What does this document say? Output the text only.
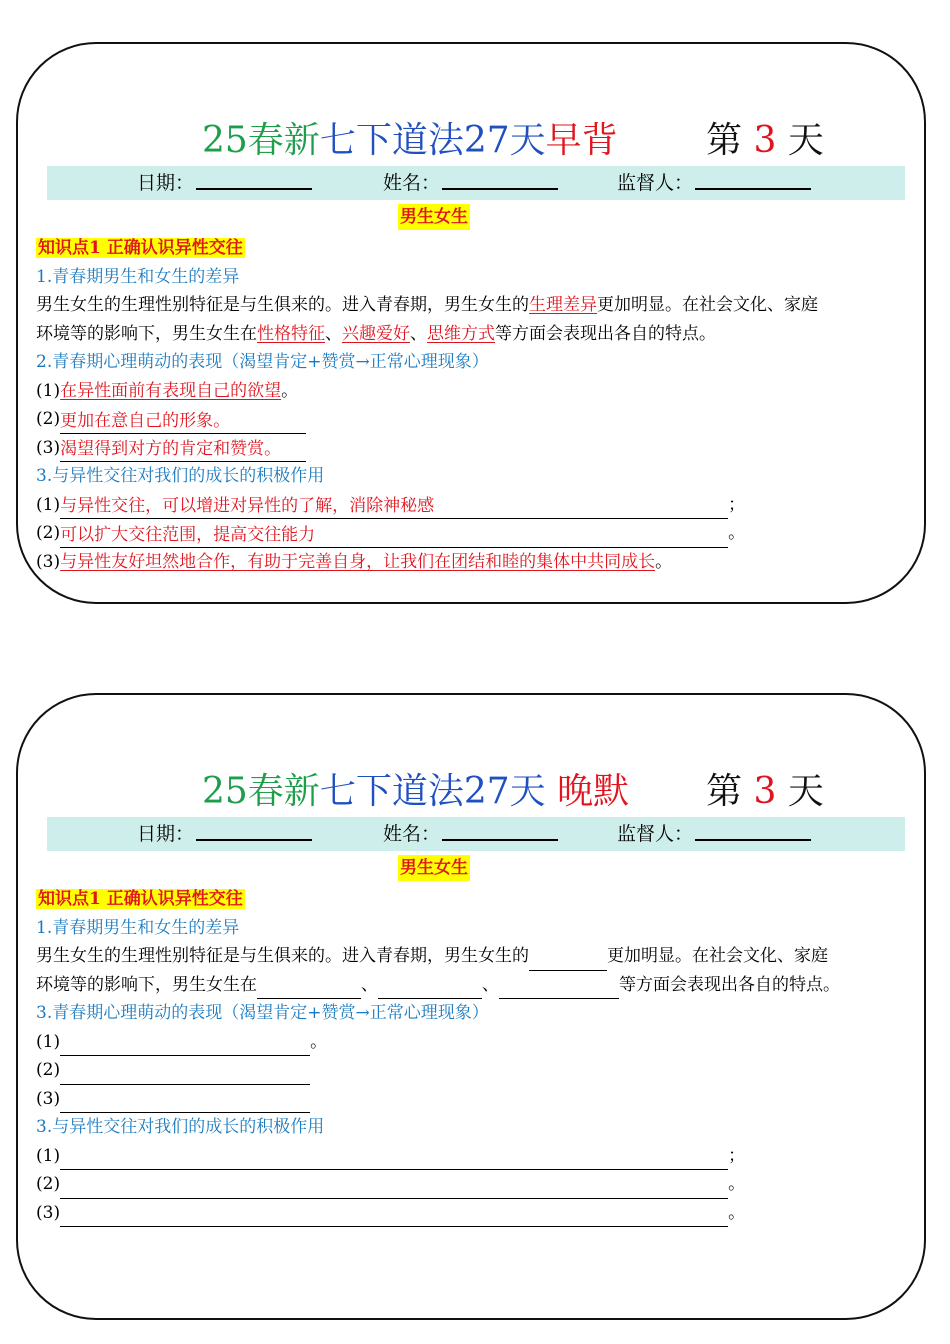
25春新七下道法27天早背 第 3 天
日期：	姓名：	监督人：
男生女生
知识点1 正确认识异性交往
1.青春期男生和女生的差异
男生女生的生理性别特征是与生俱来的。进入青春期，男生女生的生理差异更加明显。在社会文化、家庭
环境等的影响下，男生女生在性格特征、兴趣爱好、思维方式等方面会表现出各自的特点。
2.青春期心理萌动的表现（渴望肯定+赞赏→正常心理现象）
(1)在异性面前有表现自己的欲望。
(2)更加在意自己的形象。
(3)渴望得到对方的肯定和赞赏。
3.与异性交往对我们的成长的积极作用
(1)与异性交往，可以增进对异性的了解，消除神秘感	；
(2)可以扩大交往范围，提高交往能力	。
(3)与异性友好坦然地合作，有助于完善自身，让我们在团结和睦的集体中共同成长。
25春新七下道法27天 晚默 第 3 天
日期：	姓名：	监督人：
男生女生
知识点1 正确认识异性交往
1.青春期男生和女生的差异
男生女生的生理性别特征是与生俱来的。进入青春期，男生女生的	更加明显。在社会文化、家庭
环境等的影响下，男生女生在	、	、	等方面会表现出各自的特点。
3.青春期心理萌动的表现（渴望肯定+赞赏→正常心理现象）
(1)	。
(2)
(3)
3.与异性交往对我们的成长的积极作用
(1)	；
(2)	。
(3)	。
